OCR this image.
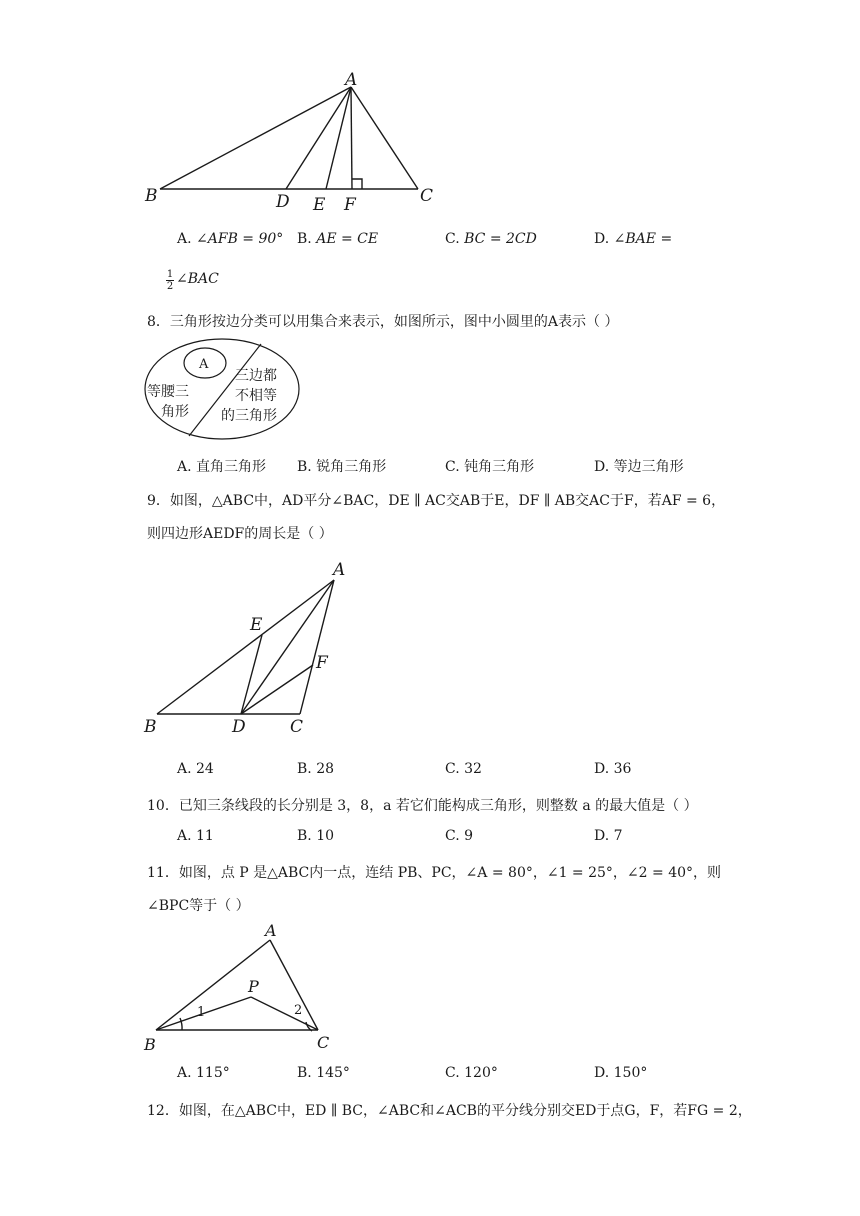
A
B	C
D E F
A. ∠AFB = 90° B. AE = CE	C. BC = 2CD	D. ∠BAE =
$\frac{1}{2}$ ∠BAC
8．三角形按边分类可以用集合来表示，如图所示，图中小圆里的A表示（ ）
A
等腰三
角形
三边都
不相等
的三角形
A. 直角三角形 B. 锐角三角形	C. 钝角三角形	D. 等边三角形
9．如图，△ABC中，AD平分∠BAC，DE ∥ AC交AB于E，DF ∥ AB交AC于F，若AF = 6，
则四边形AEDF的周长是（ ）
A
B	C
D
E
F
A. 24	B. 28	C. 32	D. 36
10．已知三条线段的长分别是 3，8，a 若它们能构成三角形，则整数 a 的最大值是（ ）
A. 11	B. 10	C. 9	D. 7
11．如图，点 P 是△ABC内一点，连结 PB、PC，∠A = 80°，∠1 = 25°，∠2 = 40°，则
∠BPC等于（ ）
A
B	C
P
1	2
A. 115°	B. 145°	C. 120°	D. 150°
12．如图，在△ABC中，ED ∥ BC，∠ABC和∠ACB的平分线分别交ED于点G，F，若FG = 2，
